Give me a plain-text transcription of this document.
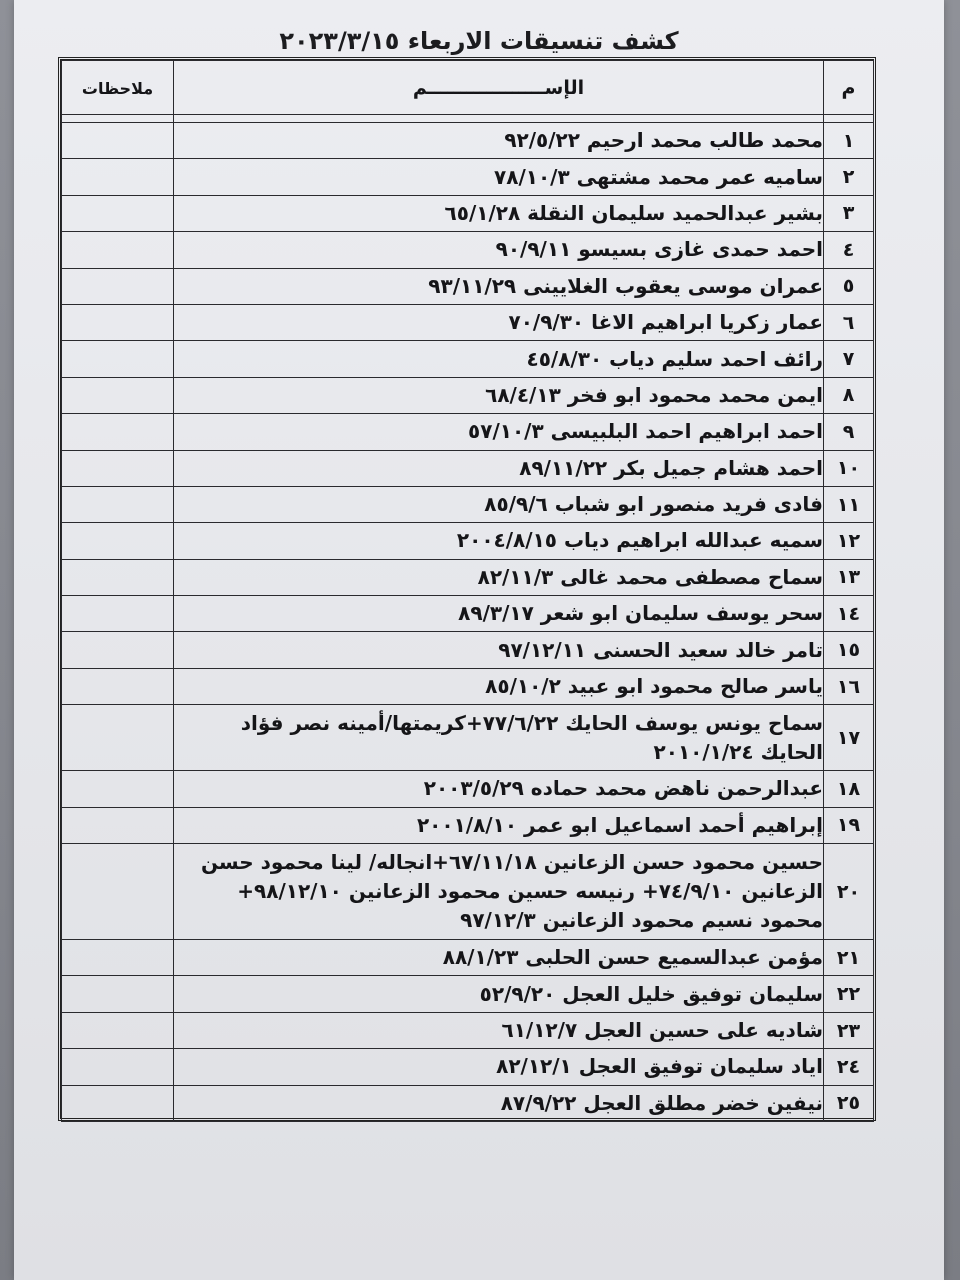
كشف تنسيقات الاربعاء ٢٠٢٣/٣/١٥
م	الإســــــــــــــــــم	ملاحظات

١	محمد طالب محمد ارحيم ٩٢/٥/٢٢	
٢	ساميه عمر محمد مشتهى ٧٨/١٠/٣	
٣	بشير عبدالحميد سليمان النقلة ٦٥/١/٢٨	
٤	احمد حمدى غازى بسيسو ٩٠/٩/١١	
٥	عمران موسى يعقوب الغلايينى ٩٣/١١/٢٩	
٦	عمار زكريا ابراهيم الاغا ٧٠/٩/٣٠	
٧	رائف احمد سليم دياب ٤٥/٨/٣٠	
٨	ايمن محمد محمود ابو فخر ٦٨/٤/١٣	
٩	احمد ابراهيم احمد البلبيسى ٥٧/١٠/٣	
١٠	احمد هشام جميل بكر ٨٩/١١/٢٢	
١١	فادى فريد منصور ابو شباب ٨٥/٩/٦	
١٢	سميه عبدالله ابراهيم دياب ٢٠٠٤/٨/١٥	
١٣	سماح مصطفى محمد غالى ٨٢/١١/٣	
١٤	سحر يوسف سليمان ابو شعر ٨٩/٣/١٧	
١٥	تامر خالد سعيد الحسنى ٩٧/١٢/١١	
١٦	ياسر صالح محمود ابو عبيد ٨٥/١٠/٢	
١٧	سماح يونس يوسف الحايك ٧٧/٦/٢٢+كريمتها/أمينه نصر فؤاد الحايك ٢٠١٠/١/٢٤	
١٨	عبدالرحمن ناهض محمد حماده ٢٠٠٣/٥/٢٩	
١٩	إبراهيم أحمد اسماعيل ابو عمر ٢٠٠١/٨/١٠	
٢٠	حسين محمود حسن الزعانين ٦٧/١١/١٨+انجاله/ لينا محمود حسن الزعانين ٧٤/٩/١٠+ رنيسه حسين محمود الزعانين ٩٨/١٢/١٠+ محمود نسيم محمود الزعانين ٩٧/١٢/٣	
٢١	مؤمن عبدالسميع حسن الحلبى ٨٨/١/٢٣	
٢٢	سليمان توفيق خليل العجل ٥٢/٩/٢٠	
٢٣	شاديه على حسين العجل ٦١/١٢/٧	
٢٤	اياد سليمان توفيق العجل ٨٢/١٢/١	
٢٥	نيفين خضر مطلق العجل ٨٧/٩/٢٢	
